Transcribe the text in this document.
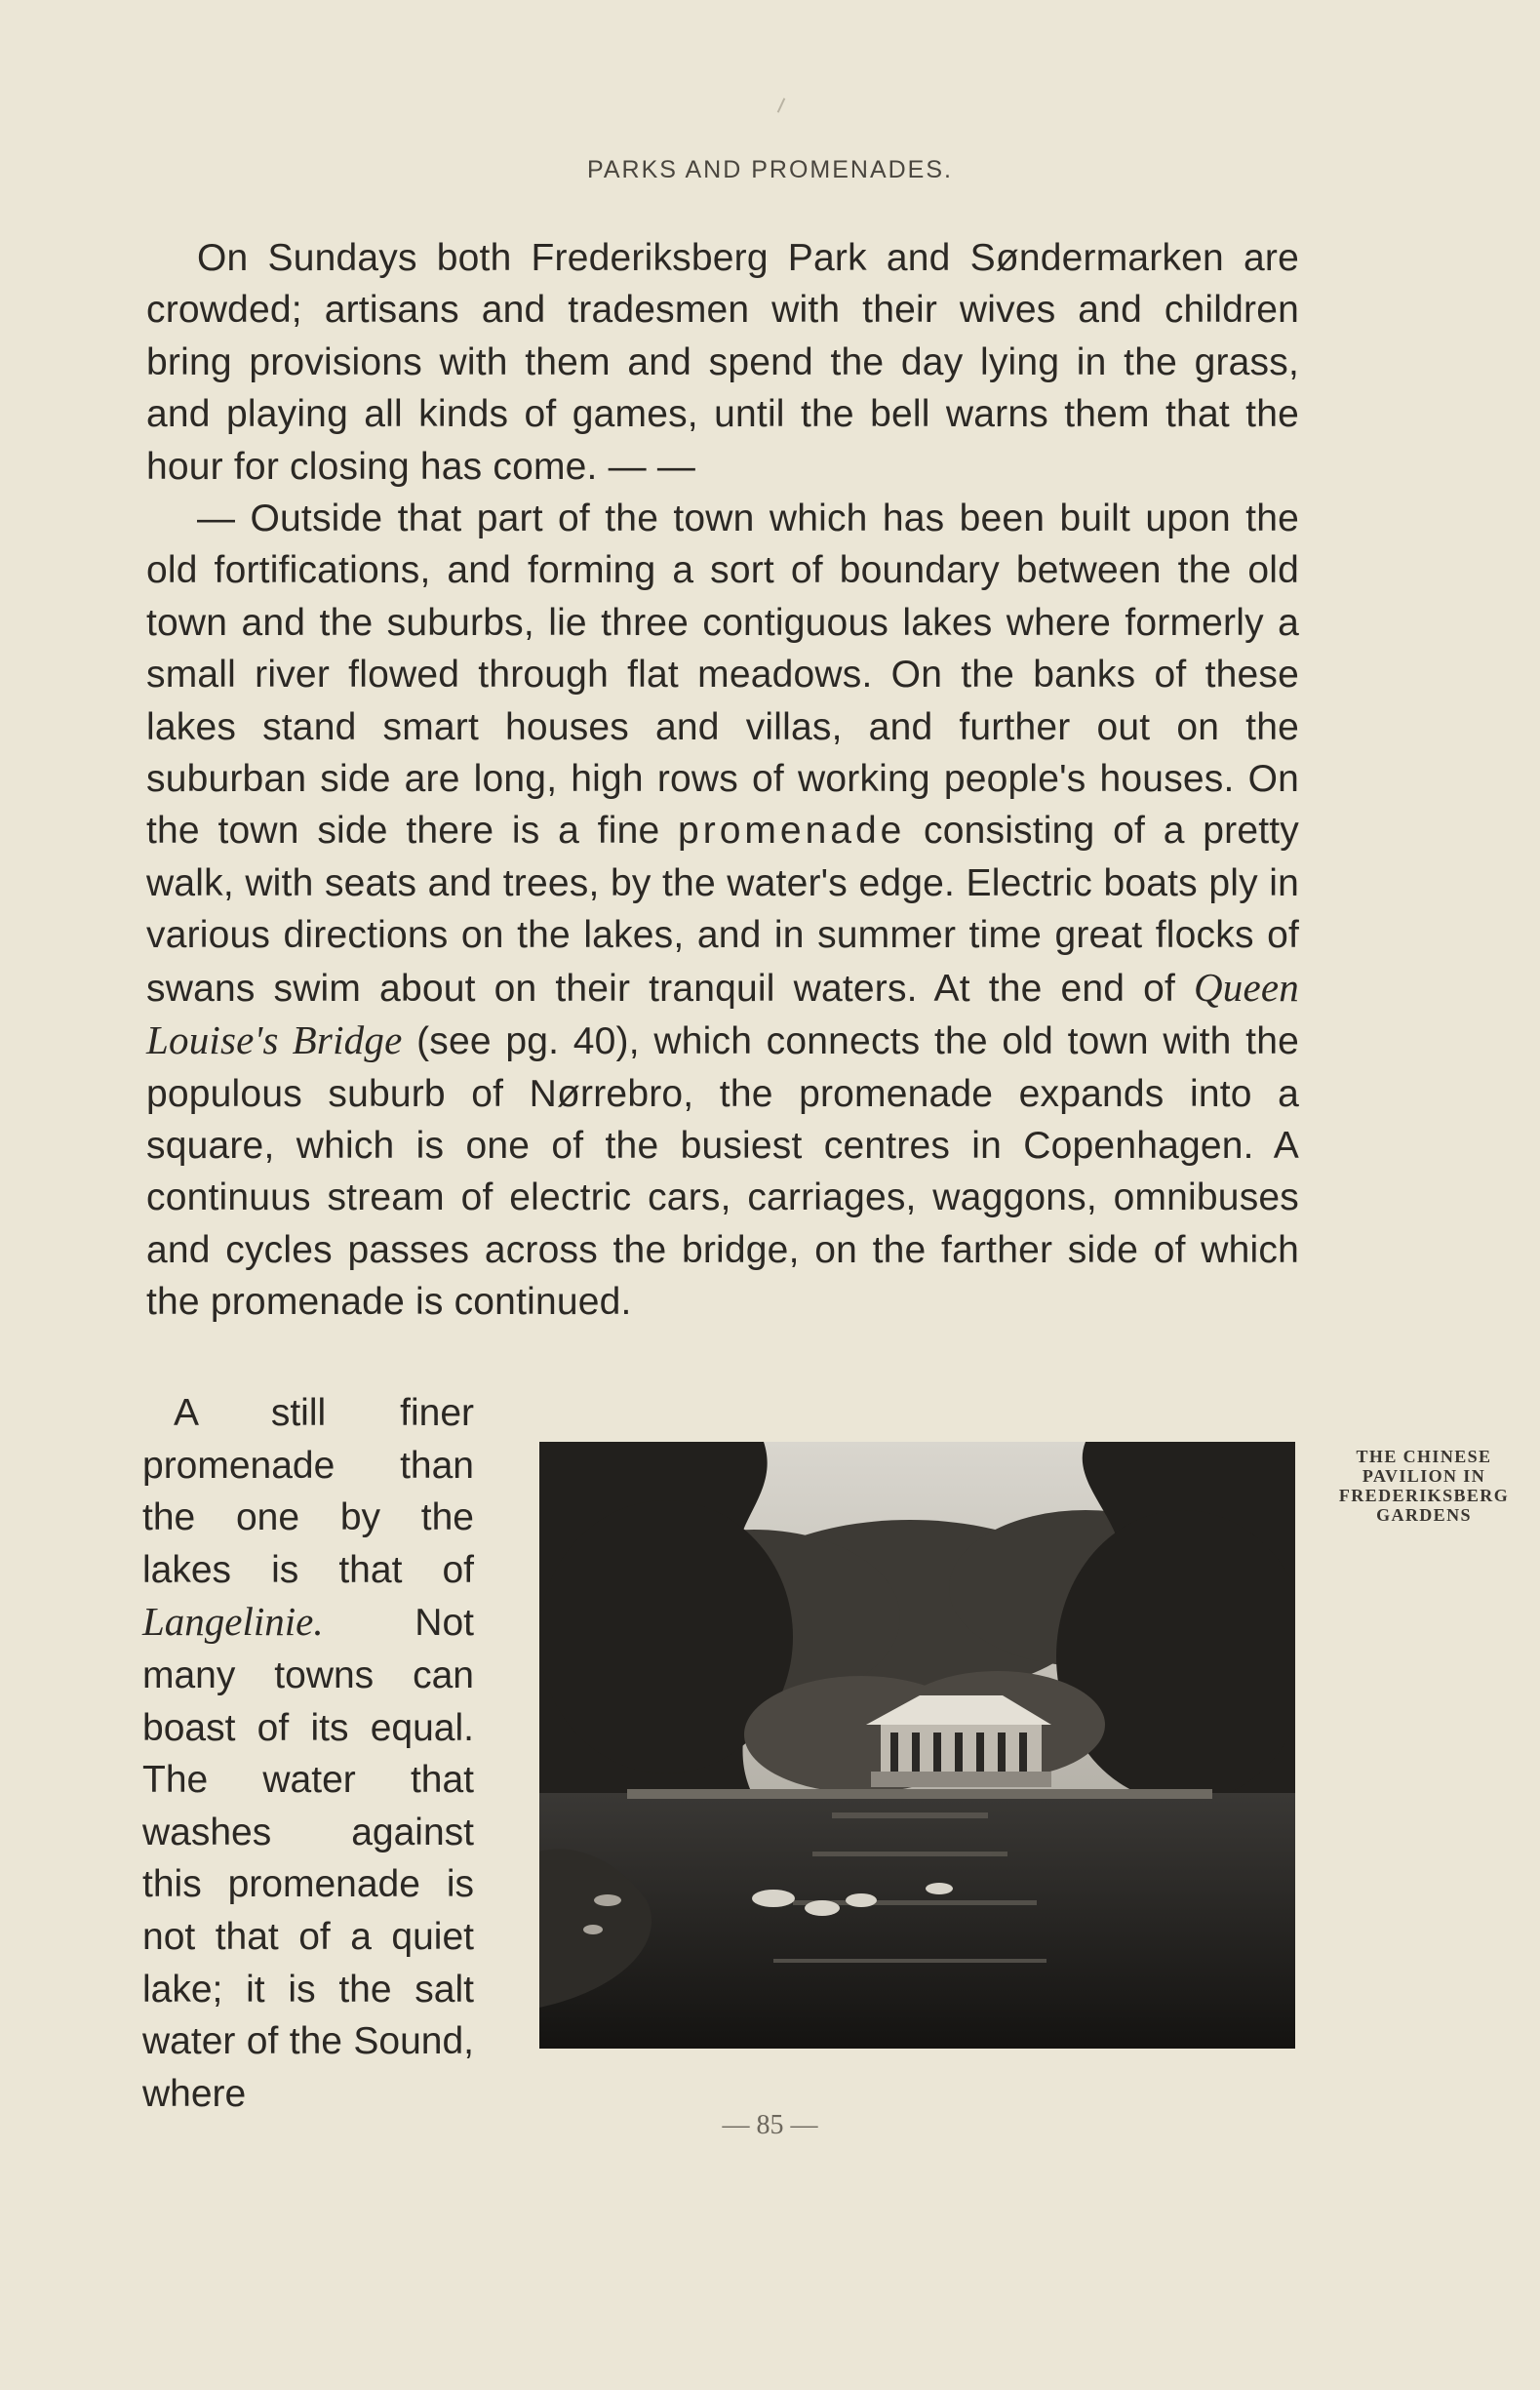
PARKS AND PROMENADES.

On Sundays both Frederiksberg Park and Søndermarken are crowded; artisans and tradesmen with their wives and children bring provisions with them and spend the day lying in the grass, and playing all kinds of games, until the bell warns them that the hour for closing has come. — —

— Outside that part of the town which has been built upon the old fortifications, and forming a sort of boundary between the old town and the suburbs, lie three contiguous lakes where formerly a small river flowed through flat meadows. On the banks of these lakes stand smart houses and villas, and further out on the suburban side are long, high rows of working people's houses. On the town side there is a fine promenade consisting of a pretty walk, with seats and trees, by the water's edge. Electric boats ply in various directions on the lakes, and in summer time great flocks of swans swim about on their tranquil waters. At the end of Queen Louise's Bridge (see pg. 40), which connects the old town with the populous suburb of Nørrebro, the promenade expands into a square, which is one of the busiest centres in Copenhagen. A continuus stream of electric cars, carriages, waggons, omnibuses and cycles passes across the bridge, on the farther side of which the promenade is continued.

A still finer promenade than the one by the lakes is that of Langelinie. Not many towns can boast of its equal. The water that washes against this promenade is not that of a quiet lake; it is the salt water of the Sound, where
THE CHINESE PAVILION IN FREDERIKSBERG GARDENS
— 85 —
